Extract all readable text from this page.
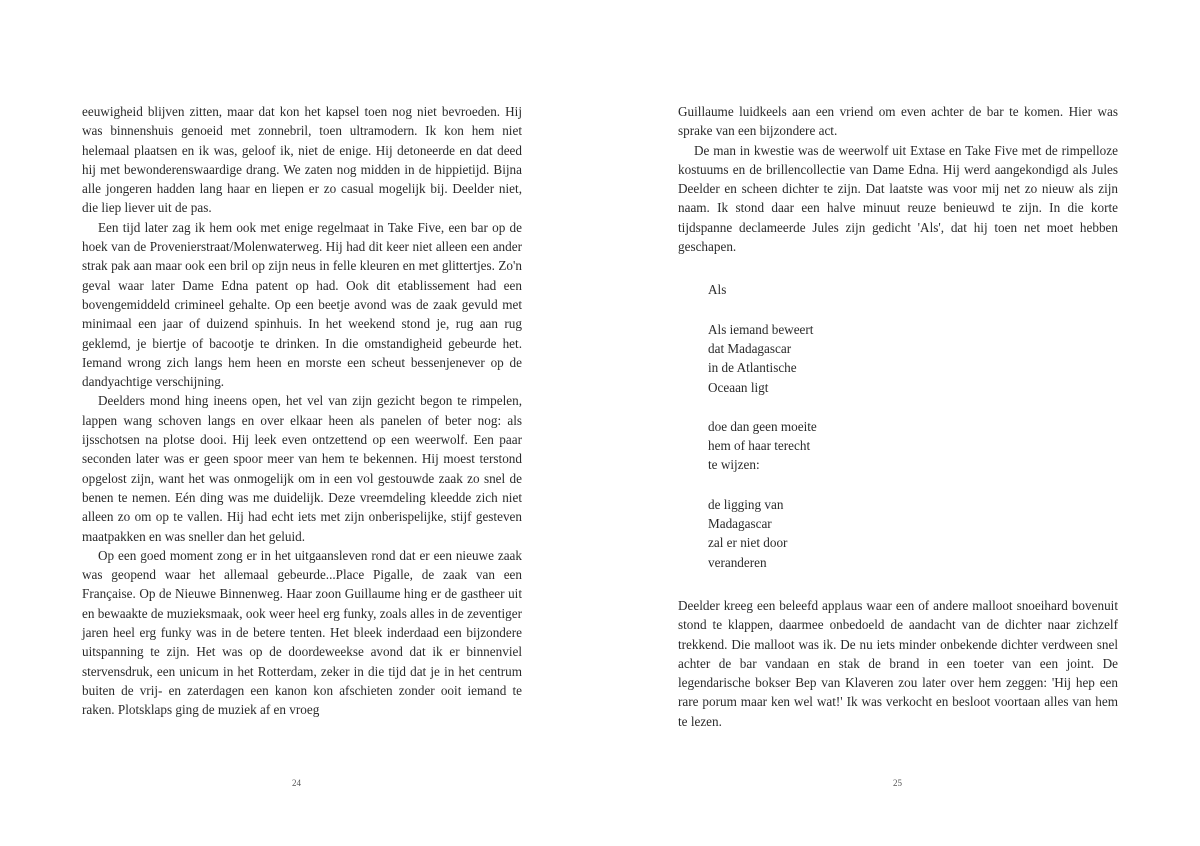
eeuwigheid blijven zitten, maar dat kon het kapsel toen nog niet bevroeden. Hij was binnenshuis genoeid met zonnebril, toen ultramodern. Ik kon hem niet helemaal plaatsen en ik was, geloof ik, niet de enige. Hij detoneerde en dat deed hij met bewonderenswaardige drang. We zaten nog midden in de hippietijd. Bijna alle jongeren hadden lang haar en liepen er zo casual mogelijk bij. Deelder niet, die liep liever uit de pas.

Een tijd later zag ik hem ook met enige regelmaat in Take Five, een bar op de hoek van de Provenierstraat/Molenwaterweg. Hij had dit keer niet alleen een ander strak pak aan maar ook een bril op zijn neus in felle kleuren en met glittertjes. Zo'n geval waar later Dame Edna patent op had. Ook dit etablissement had een bovengemiddeld crimineel gehalte. Op een beetje avond was de zaak gevuld met minimaal een jaar of duizend spinhuis. In het weekend stond je, rug aan rug geklemd, je biertje of bacootje te drinken. In die omstandigheid gebeurde het. Iemand wrong zich langs hem heen en morste een scheut bessenjenever op de dandyachtige verschijning.

Deelders mond hing ineens open, het vel van zijn gezicht begon te rimpelen, lappen wang schoven langs en over elkaar heen als panelen of beter nog: als ijsschotsen na plotse dooi. Hij leek even ontzettend op een weerwolf. Een paar seconden later was er geen spoor meer van hem te bekennen. Hij moest terstond opgelost zijn, want het was onmogelijk om in een vol gestouwde zaak zo snel de benen te nemen. Eén ding was me duidelijk. Deze vreemdeling kleedde zich niet alleen zo om op te vallen. Hij had echt iets met zijn onberispelijke, stijf gesteven maatpakken en was sneller dan het geluid.

Op een goed moment zong er in het uitgaansleven rond dat er een nieuwe zaak was geopend waar het allemaal gebeurde...Place Pigalle, de zaak van een Française. Op de Nieuwe Binnenweg. Haar zoon Guillaume hing er de gastheer uit en bewaakte de muzieksmaak, ook weer heel erg funky, zoals alles in de zeventiger jaren heel erg funky was in de betere tenten. Het bleek inderdaad een bijzondere uitspanning te zijn. Het was op de doordeweekse avond dat ik er binnenviel stervensdruk, een unicum in het Rotterdam, zeker in die tijd dat je in het centrum buiten de vrij- en zaterdagen een kanon kon afschieten zonder ooit iemand te raken. Plotsklaps ging de muziek af en vroeg

24

Guillaume luidkeels aan een vriend om even achter de bar te komen. Hier was sprake van een bijzondere act.

De man in kwestie was de weerwolf uit Extase en Take Five met de rimpelloze kostuums en de brillencollectie van Dame Edna. Hij werd aangekondigd als Jules Deelder en scheen dichter te zijn. Dat laatste was voor mij net zo nieuw als zijn naam. Ik stond daar een halve minuut reuze benieuwd te zijn. In die korte tijdspanne declameerde Jules zijn gedicht 'Als', dat hij toen net moet hebben geschapen.

Als
Als iemand beweert
dat Madagascar
in de Atlantische
Oceaan ligt
doe dan geen moeite
hem of haar terecht
te wijzen:
de ligging van
Madagascar
zal er niet door
veranderen

Deelder kreeg een beleefd applaus waar een of andere malloot snoeihard bovenuit stond te klappen, daarmee onbedoeld de aandacht van de dichter naar zichzelf trekkend. Die malloot was ik. De nu iets minder onbekende dichter verdween snel achter de bar vandaan en stak de brand in een toeter van een joint. De legendarische bokser Bep van Klaveren zou later over hem zeggen: 'Hij hep een rare porum maar ken wel wat!' Ik was verkocht en besloot voortaan alles van hem te lezen.

25
